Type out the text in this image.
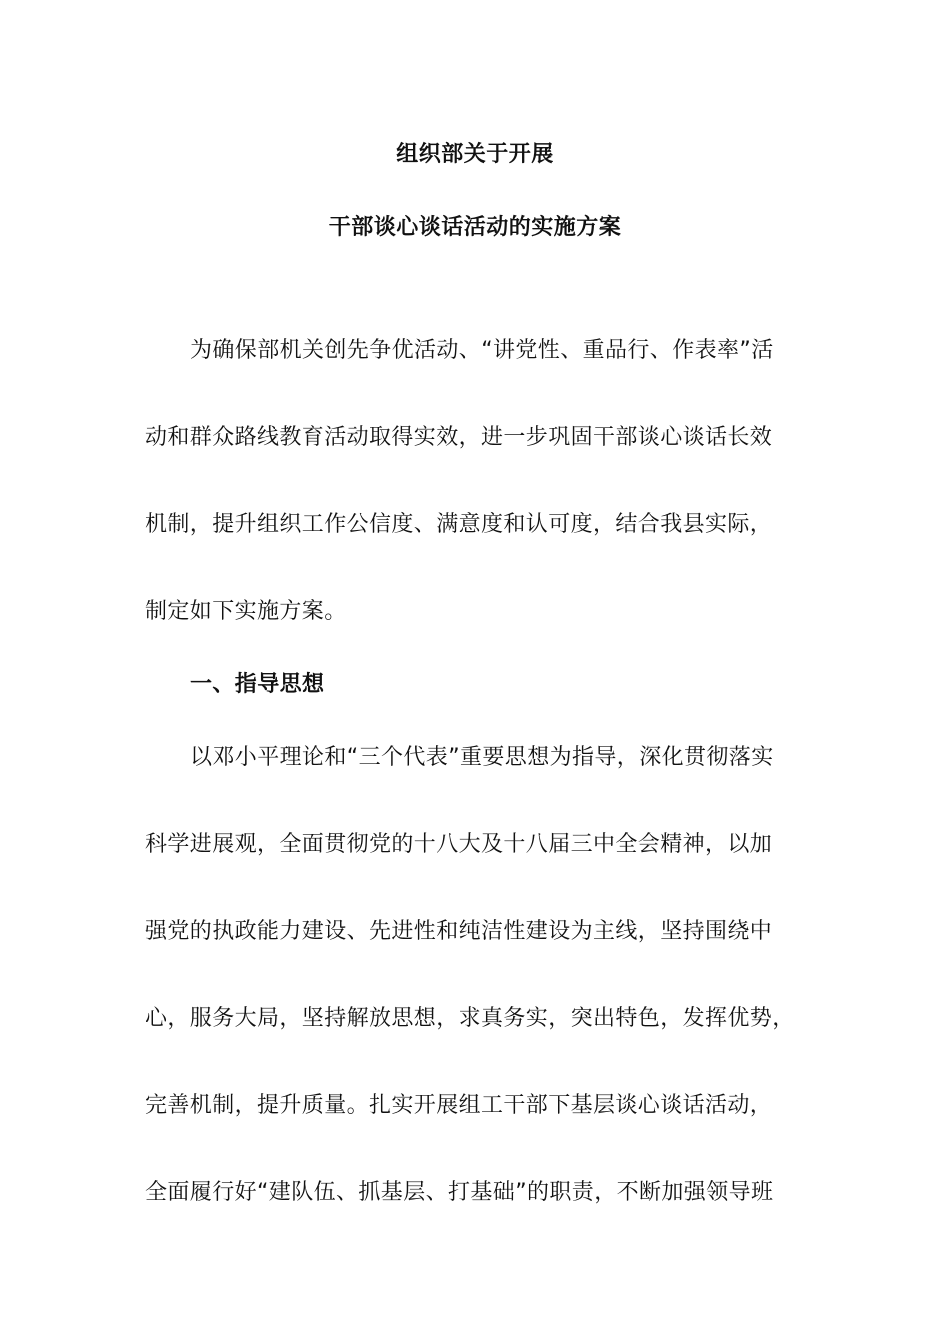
组织部关于开展
干部谈心谈话活动的实施方案
为确保部机关创先争优活动、“讲党性、重品行、作表率”活
动和群众路线教育活动取得实效，进一步巩固干部谈心谈话长效
机制，提升组织工作公信度、满意度和认可度，结合我县实际，
制定如下实施方案。
一、指导思想
以邓小平理论和“三个代表”重要思想为指导，深化贯彻落实
科学进展观，全面贯彻党的十八大及十八届三中全会精神，以加
强党的执政能力建设、先进性和纯洁性建设为主线，坚持围绕中
心，服务大局，坚持解放思想，求真务实，突出特色，发挥优势，
完善机制，提升质量。扎实开展组工干部下基层谈心谈话活动，
全面履行好“建队伍、抓基层、打基础”的职责，不断加强领导班
